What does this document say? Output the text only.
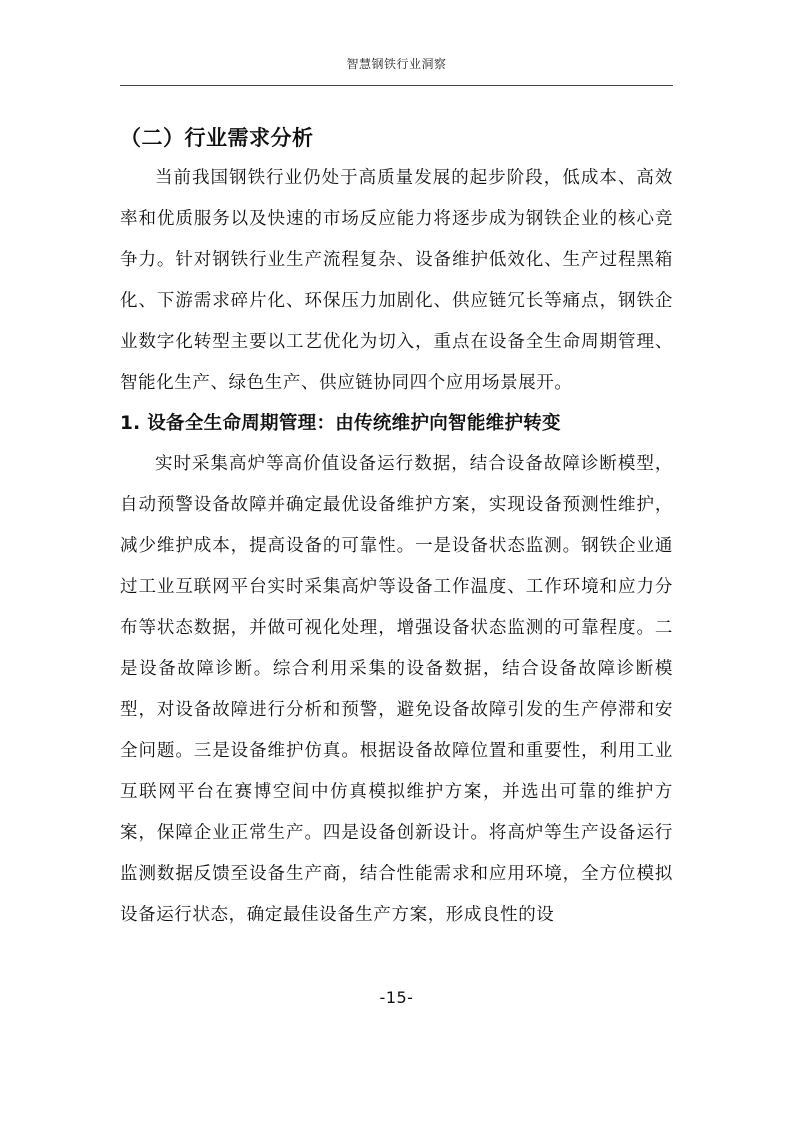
智慧钢铁行业洞察
（二）行业需求分析

当前我国钢铁行业仍处于高质量发展的起步阶段，低成本、高效率和优质服务以及快速的市场反应能力将逐步成为钢铁企业的核心竞争力。针对钢铁行业生产流程复杂、设备维护低效化、生产过程黑箱化、下游需求碎片化、环保压力加剧化、供应链冗长等痛点，钢铁企业数字化转型主要以工艺优化为切入，重点在设备全生命周期管理、智能化生产、绿色生产、供应链协同四个应用场景展开。

1. 设备全生命周期管理：由传统维护向智能维护转变

实时采集高炉等高价值设备运行数据，结合设备故障诊断模型，自动预警设备故障并确定最优设备维护方案，实现设备预测性维护，减少维护成本，提高设备的可靠性。一是设备状态监测。钢铁企业通过工业互联网平台实时采集高炉等设备工作温度、工作环境和应力分布等状态数据，并做可视化处理，增强设备状态监测的可靠程度。二是设备故障诊断。综合利用采集的设备数据，结合设备故障诊断模型，对设备故障进行分析和预警，避免设备故障引发的生产停滞和安全问题。三是设备维护仿真。根据设备故障位置和重要性，利用工业互联网平台在赛博空间中仿真模拟维护方案，并选出可靠的维护方案，保障企业正常生产。四是设备创新设计。将高炉等生产设备运行监测数据反馈至设备生产商，结合性能需求和应用环境，全方位模拟设备运行状态，确定最佳设备生产方案，形成良性的设

-15-
